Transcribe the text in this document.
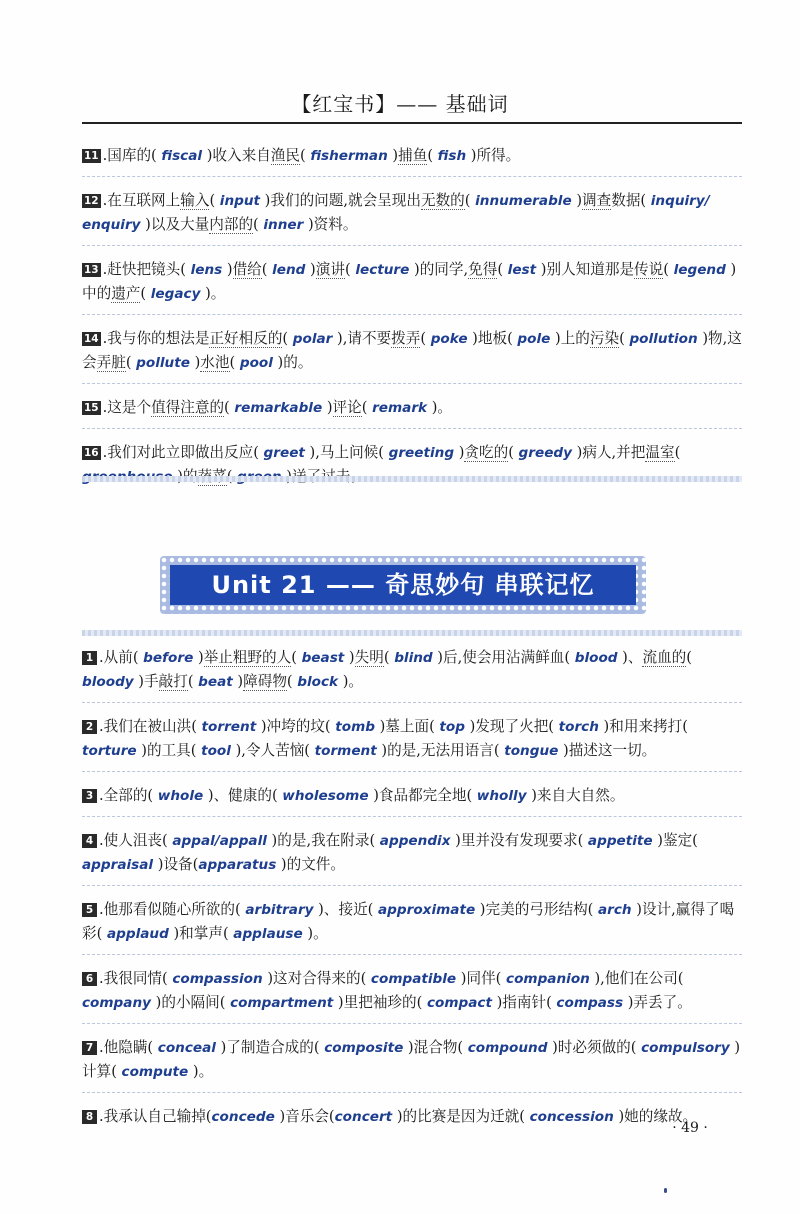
【红宝书】—— 基础词
11 .国库的( fiscal )收入来自渔民( fisherman )捕鱼( fish )所得。
12 .在互联网上输入( input )我们的问题,就会呈现出无数的( innumerable )调查数据( inquiry/ enquiry )以及大量内部的( inner )资料。
13 .赶快把镜头( lens )借给( lend )演讲( lecture )的同学,免得( lest )别人知道那是传说( legend )中的遗产( legacy )。
14 .我与你的想法是正好相反的( polar ),请不要拨弄( poke )地板( pole )上的污染( pollution )物,这会弄脏( pollute )水池( pool )的。
15 .这是个值得注意的( remarkable )评论( remark )。
16 .我们对此立即做出反应( greet ),马上问候( greeting )贪吃的( greedy )病人,并把温室(
Unit 21 —— 奇思妙句 串联记忆
1 .从前( before )举止粗野的人( beast )失明( blind )后,使会用沾满鲜血( blood )、流血的( bloody )手敲打( beat )障碍物( block )。
2 .我们在被山洪( torrent )冲垮的坟( tomb )墓上面( top )发现了火把( torch )和用来拷打( torture )的工具( tool ),令人苦恼( torment )的是,无法用语言( tongue )描述这一切。
3 .全部的( whole )、健康的( wholesome )食品都完全地( wholly )来自大自然。
4 .使人沮丧( appal/appall )的是,我在附录( appendix )里并没有发现要求( appetite )鉴定( appraisal )设备(apparatus )的文件。
5 .他那看似随心所欲的( arbitrary )、接近( approximate )完美的弓形结构( arch )设计,赢得了喝彩( applaud )和掌声( applause )。
6 .我很同情( compassion )这对合得来的( compatible )同伴( companion ),他们在公司( company )的小隔间( compartment )里把袖珍的( compact )指南针( compass )弄丢了。
7 .他隐瞒( conceal )了制造合成的( composite )混合物( compound )时必须做的( compulsory )计算( compute )。
8 .我承认自己输掉(concede )音乐会(concert )的比赛是因为迁就( concession )她的缘故。
· 49 ·
